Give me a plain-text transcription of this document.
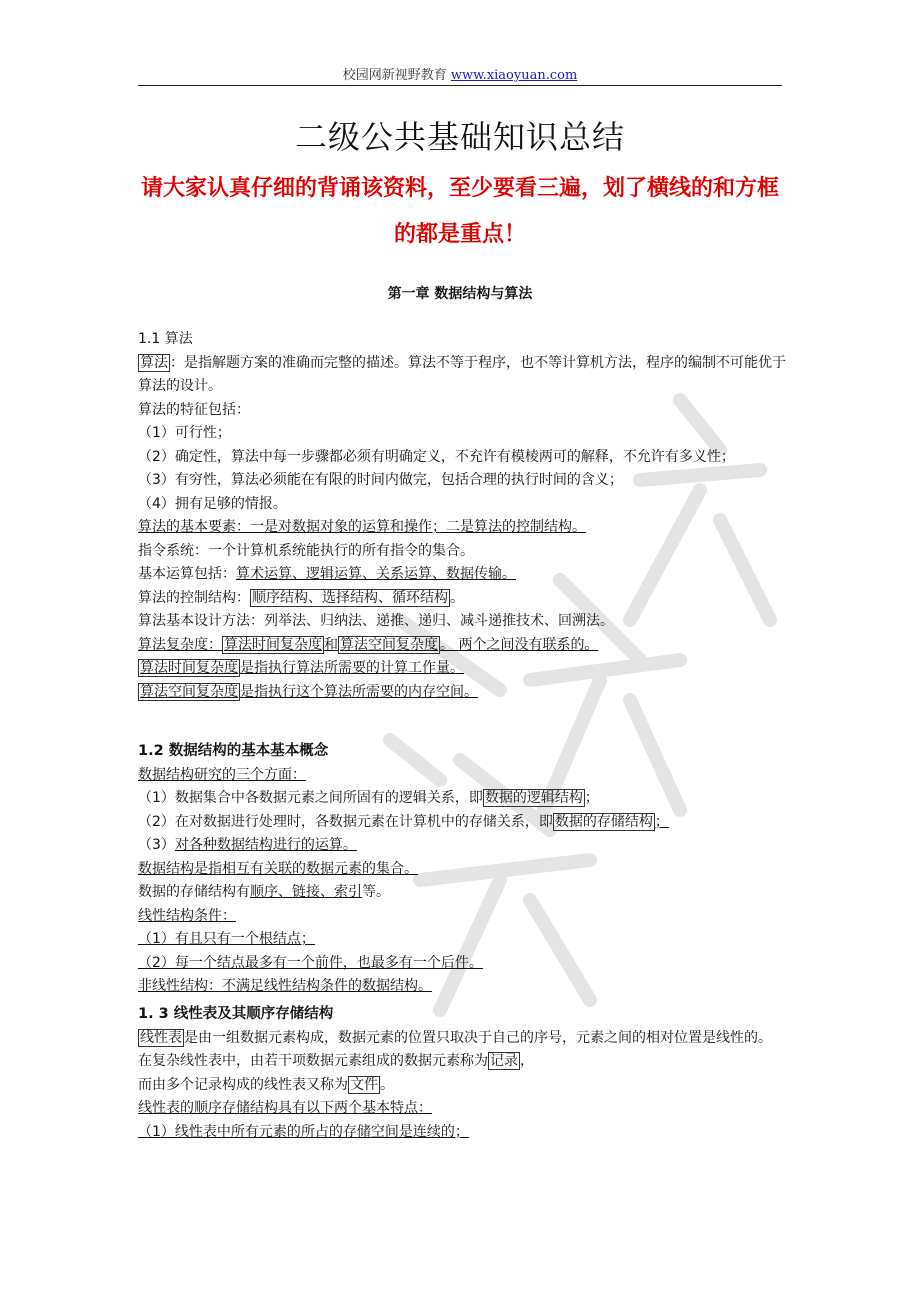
校园网新视野教育 www.xiaoyuan.com
二级公共基础知识总结
请大家认真仔细的背诵该资料，至少要看三遍，划了横线的和方框的都是重点！
第一章 数据结构与算法
1.1 算法
算法 ：是指解题方案的准确而完整的描述。算法不等于程序，也不等计算机方法，程序的编制不可能优于算法的设计。
算法的特征包括：
（1）可行性；
（2）确定性，算法中每一步骤都必须有明确定义，不充许有模棱两可的解释，不允许有多义性；
（3）有穷性，算法必须能在有限的时间内做完，包括合理的执行时间的含义；
（4）拥有足够的情报。
算法的基本要素：一是对数据对象的运算和操作；二是算法的控制结构。
指令系统：一个计算机系统能执行的所有指令的集合。
基本运算包括：算术运算、逻辑运算、关系运算、数据传输。
算法的控制结构： 顺序结构、选择结构、循环结构 。
算法基本设计方法：列举法、归纳法、递推、递归、减斗递推技术、回溯法。
算法复杂度： 算法时间复杂度 和 算法空间复杂度 。 两个之间没有联系的。
算法时间复杂度 是指执行算法所需要的计算工作量。
算法空间复杂度 是指执行这个算法所需要的内存空间。
1.2 数据结构的基本基本概念
数据结构研究的三个方面：
（1）数据集合中各数据元素之间所固有的逻辑关系，即 数据的逻辑结构 ；
（2）在对数据进行处理时，各数据元素在计算机中的存储关系，即 数据的存储结构 ；
（3）对各种数据结构进行的运算。
数据结构是指相互有关联的数据元素的集合。
数据的存储结构有顺序、链接、索引等。
线性结构条件：
（1）有且只有一个根结点；
（2）每一个结点最多有一个前件，也最多有一个后件。
非线性结构：不满足线性结构条件的数据结构。
1. 3 线性表及其顺序存储结构
线性表 是由一组数据元素构成，数据元素的位置只取决于自己的序号，元素之间的相对位置是线性的。
在复杂线性表中，由若干项数据元素组成的数据元素称为 记录 ，
而由多个记录构成的线性表又称为 文件 。
线性表的顺序存储结构具有以下两个基本特点：
（1）线性表中所有元素的所占的存储空间是连续的；
